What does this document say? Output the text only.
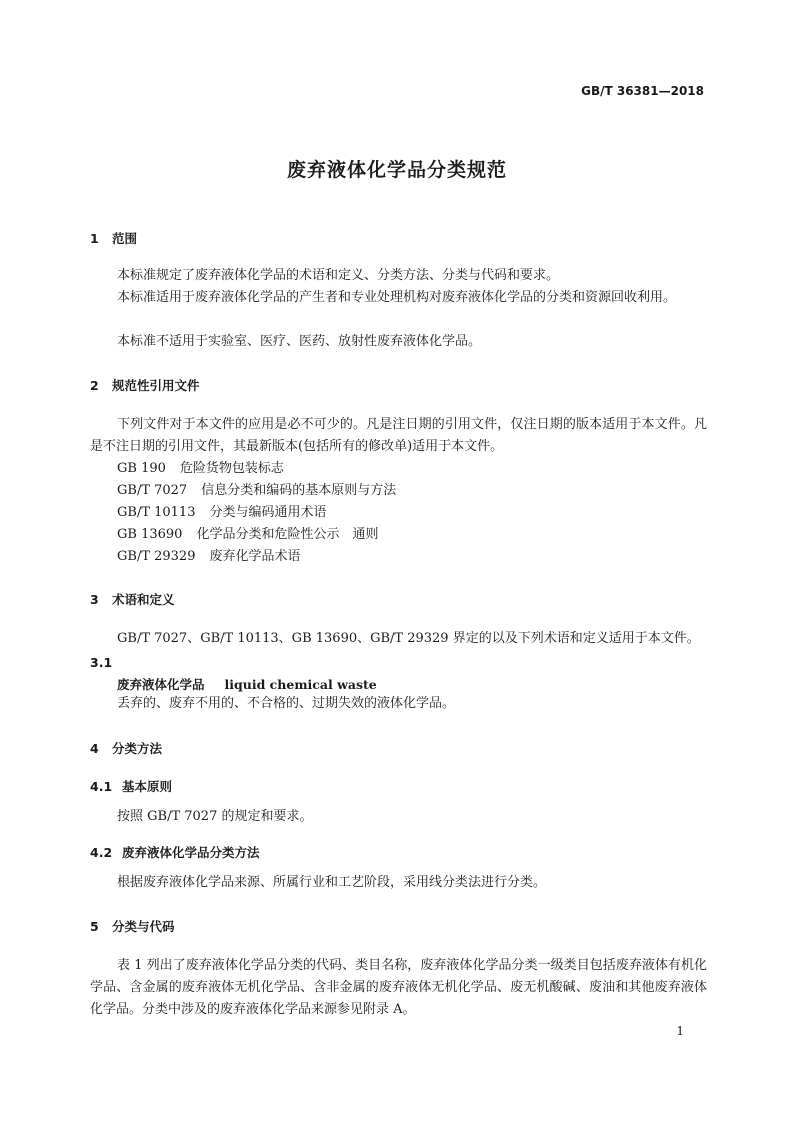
GB/T 36381—2018
废弃液体化学品分类规范
1 范围
本标准规定了废弃液体化学品的术语和定义、分类方法、分类与代码和要求。
本标准适用于废弃液体化学品的产生者和专业处理机构对废弃液体化学品的分类和资源回收利用。
本标准不适用于实验室、医疗、医药、放射性废弃液体化学品。
2 规范性引用文件
下列文件对于本文件的应用是必不可少的。凡是注日期的引用文件，仅注日期的版本适用于本文件。凡是不注日期的引用文件，其最新版本(包括所有的修改单)适用于本文件。
GB 190 危险货物包装标志
GB/T 7027 信息分类和编码的基本原则与方法
GB/T 10113 分类与编码通用术语
GB 13690 化学品分类和危险性公示 通则
GB/T 29329 废弃化学品术语
3 术语和定义
GB/T 7027、GB/T 10113、GB 13690、GB/T 29329 界定的以及下列术语和定义适用于本文件。
3.1
废弃液体化学品 liquid chemical waste
丢弃的、废弃不用的、不合格的、过期失效的液体化学品。
4 分类方法
4.1 基本原则
按照 GB/T 7027 的规定和要求。
4.2 废弃液体化学品分类方法
根据废弃液体化学品来源、所属行业和工艺阶段，采用线分类法进行分类。
5 分类与代码
表 1 列出了废弃液体化学品分类的代码、类目名称，废弃液体化学品分类一级类目包括废弃液体有机化学品、含金属的废弃液体无机化学品、含非金属的废弃液体无机化学品、废无机酸碱、废油和其他废弃液体化学品。分类中涉及的废弃液体化学品来源参见附录 A。
1
